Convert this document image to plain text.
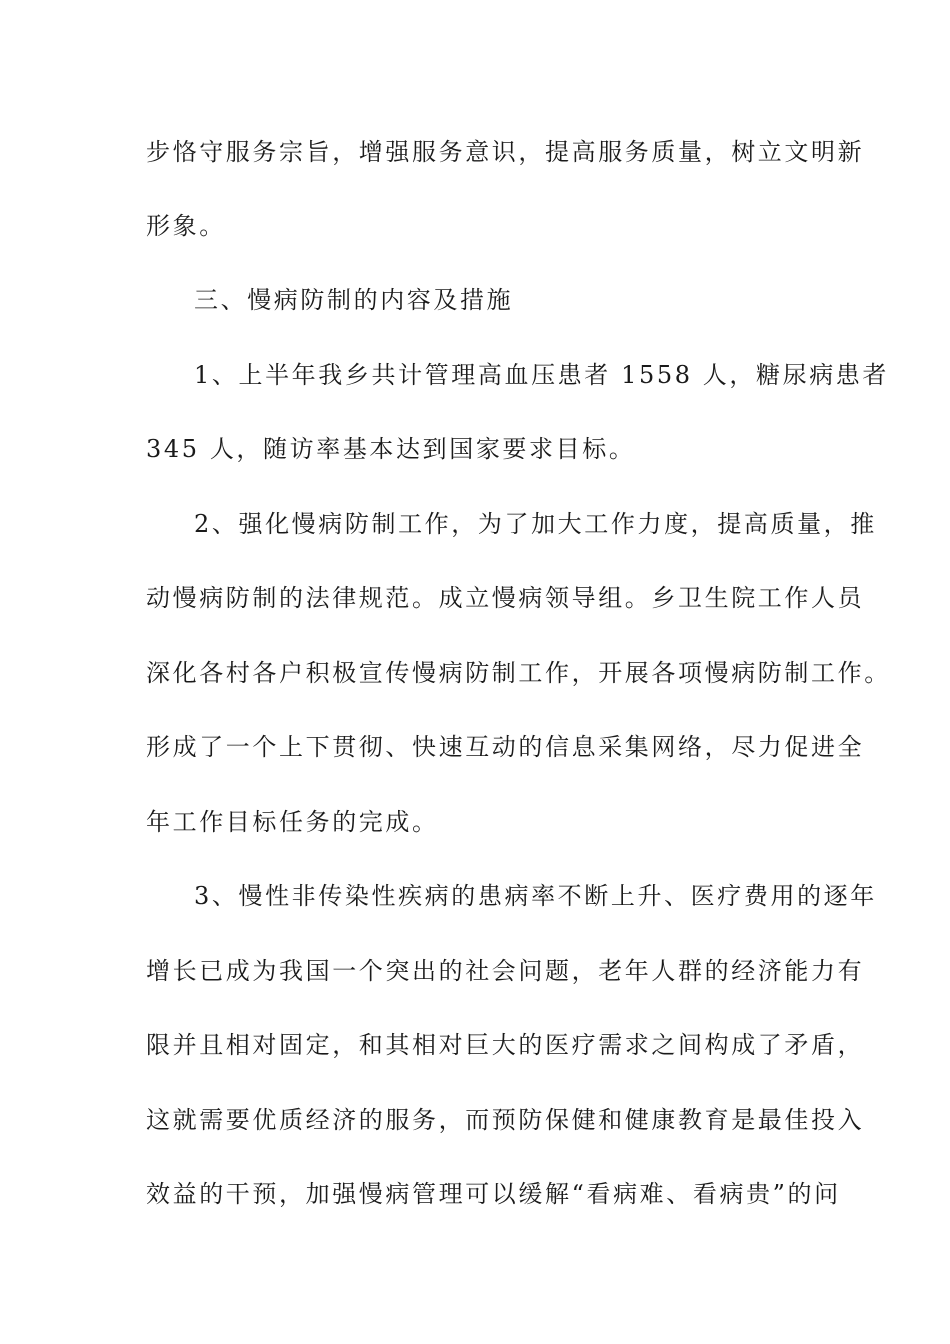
步恪守服务宗旨，增强服务意识，提高服务质量，树立文明新
形象。
三、慢病防制的内容及措施
1、上半年我乡共计管理高血压患者 1558 人，糖尿病患者
345 人，随访率基本达到国家要求目标。
2、强化慢病防制工作，为了加大工作力度，提高质量，推
动慢病防制的法律规范。成立慢病领导组。乡卫生院工作人员
深化各村各户积极宣传慢病防制工作，开展各项慢病防制工作。
形成了一个上下贯彻、快速互动的信息采集网络，尽力促进全
年工作目标任务的完成。
3、慢性非传染性疾病的患病率不断上升、医疗费用的逐年
增长已成为我国一个突出的社会问题，老年人群的经济能力有
限并且相对固定，和其相对巨大的医疗需求之间构成了矛盾，
这就需要优质经济的服务，而预防保健和健康教育是最佳投入
效益的干预，加强慢病管理可以缓解“看病难、看病贵”的问
